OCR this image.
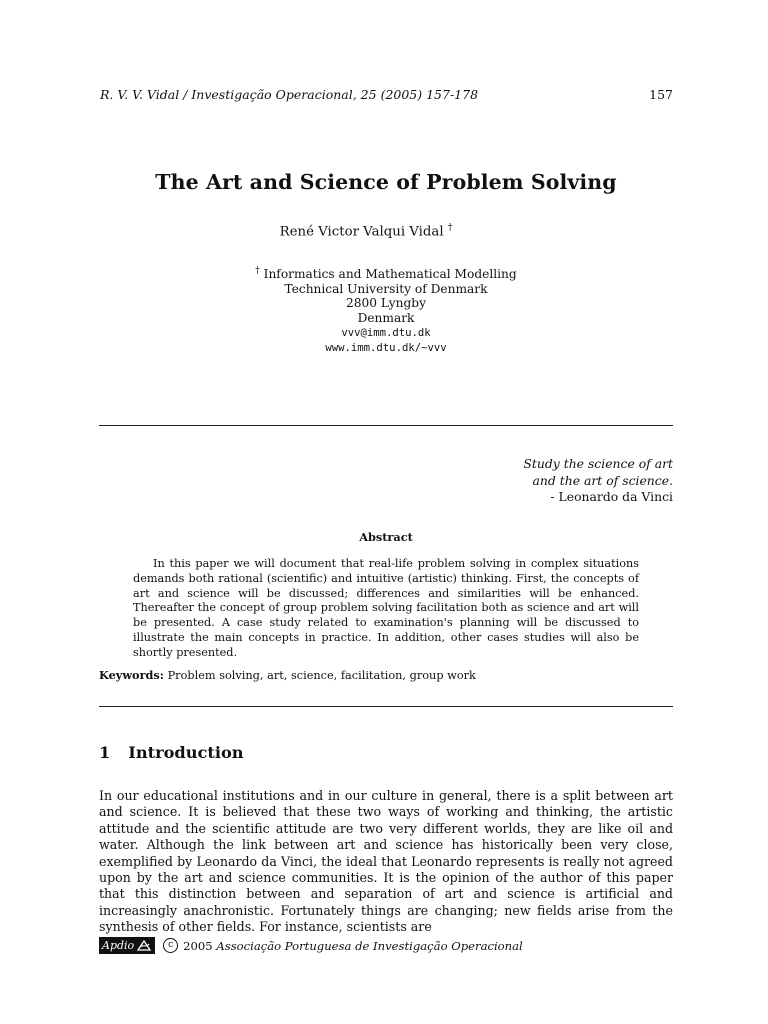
R. V. V. Vidal / Investigação Operacional, 25 (2005) 157-178	157
The Art and Science of Problem Solving
René Victor Valqui Vidal †
† Informatics and Mathematical Modelling
Technical University of Denmark
2800 Lyngby
Denmark
vvv@imm.dtu.dk
www.imm.dtu.dk/∼vvv
Study the science of art
and the art of science.
- Leonardo da Vinci
Abstract
In this paper we will document that real-life problem solving in complex situations demands both rational (scientific) and intuitive (artistic) thinking. First, the concepts of art and science will be discussed; differences and similarities will be enhanced. Thereafter the concept of group problem solving facilitation both as science and art will be presented. A case study related to examination's planning will be discussed to illustrate the main concepts in practice. In addition, other cases studies will also be shortly presented.
Keywords: Problem solving, art, science, facilitation, group work
1 Introduction
In our educational institutions and in our culture in general, there is a split between art and science. It is believed that these two ways of working and thinking, the artistic attitude and the scientific attitude are two very different worlds, they are like oil and water. Although the link between art and science has historically been very close, exemplified by Leonardo da Vinci, the ideal that Leonardo represents is really not agreed upon by the art and science communities. It is the opinion of the author of this paper that this distinction between and separation of art and science is artificial and increasingly anachronistic. Fortunately things are changing; new fields arise from the synthesis of other fields. For instance, scientists are
Apdio	c 2005
Associação Portuguesa de Investigação Operacional
